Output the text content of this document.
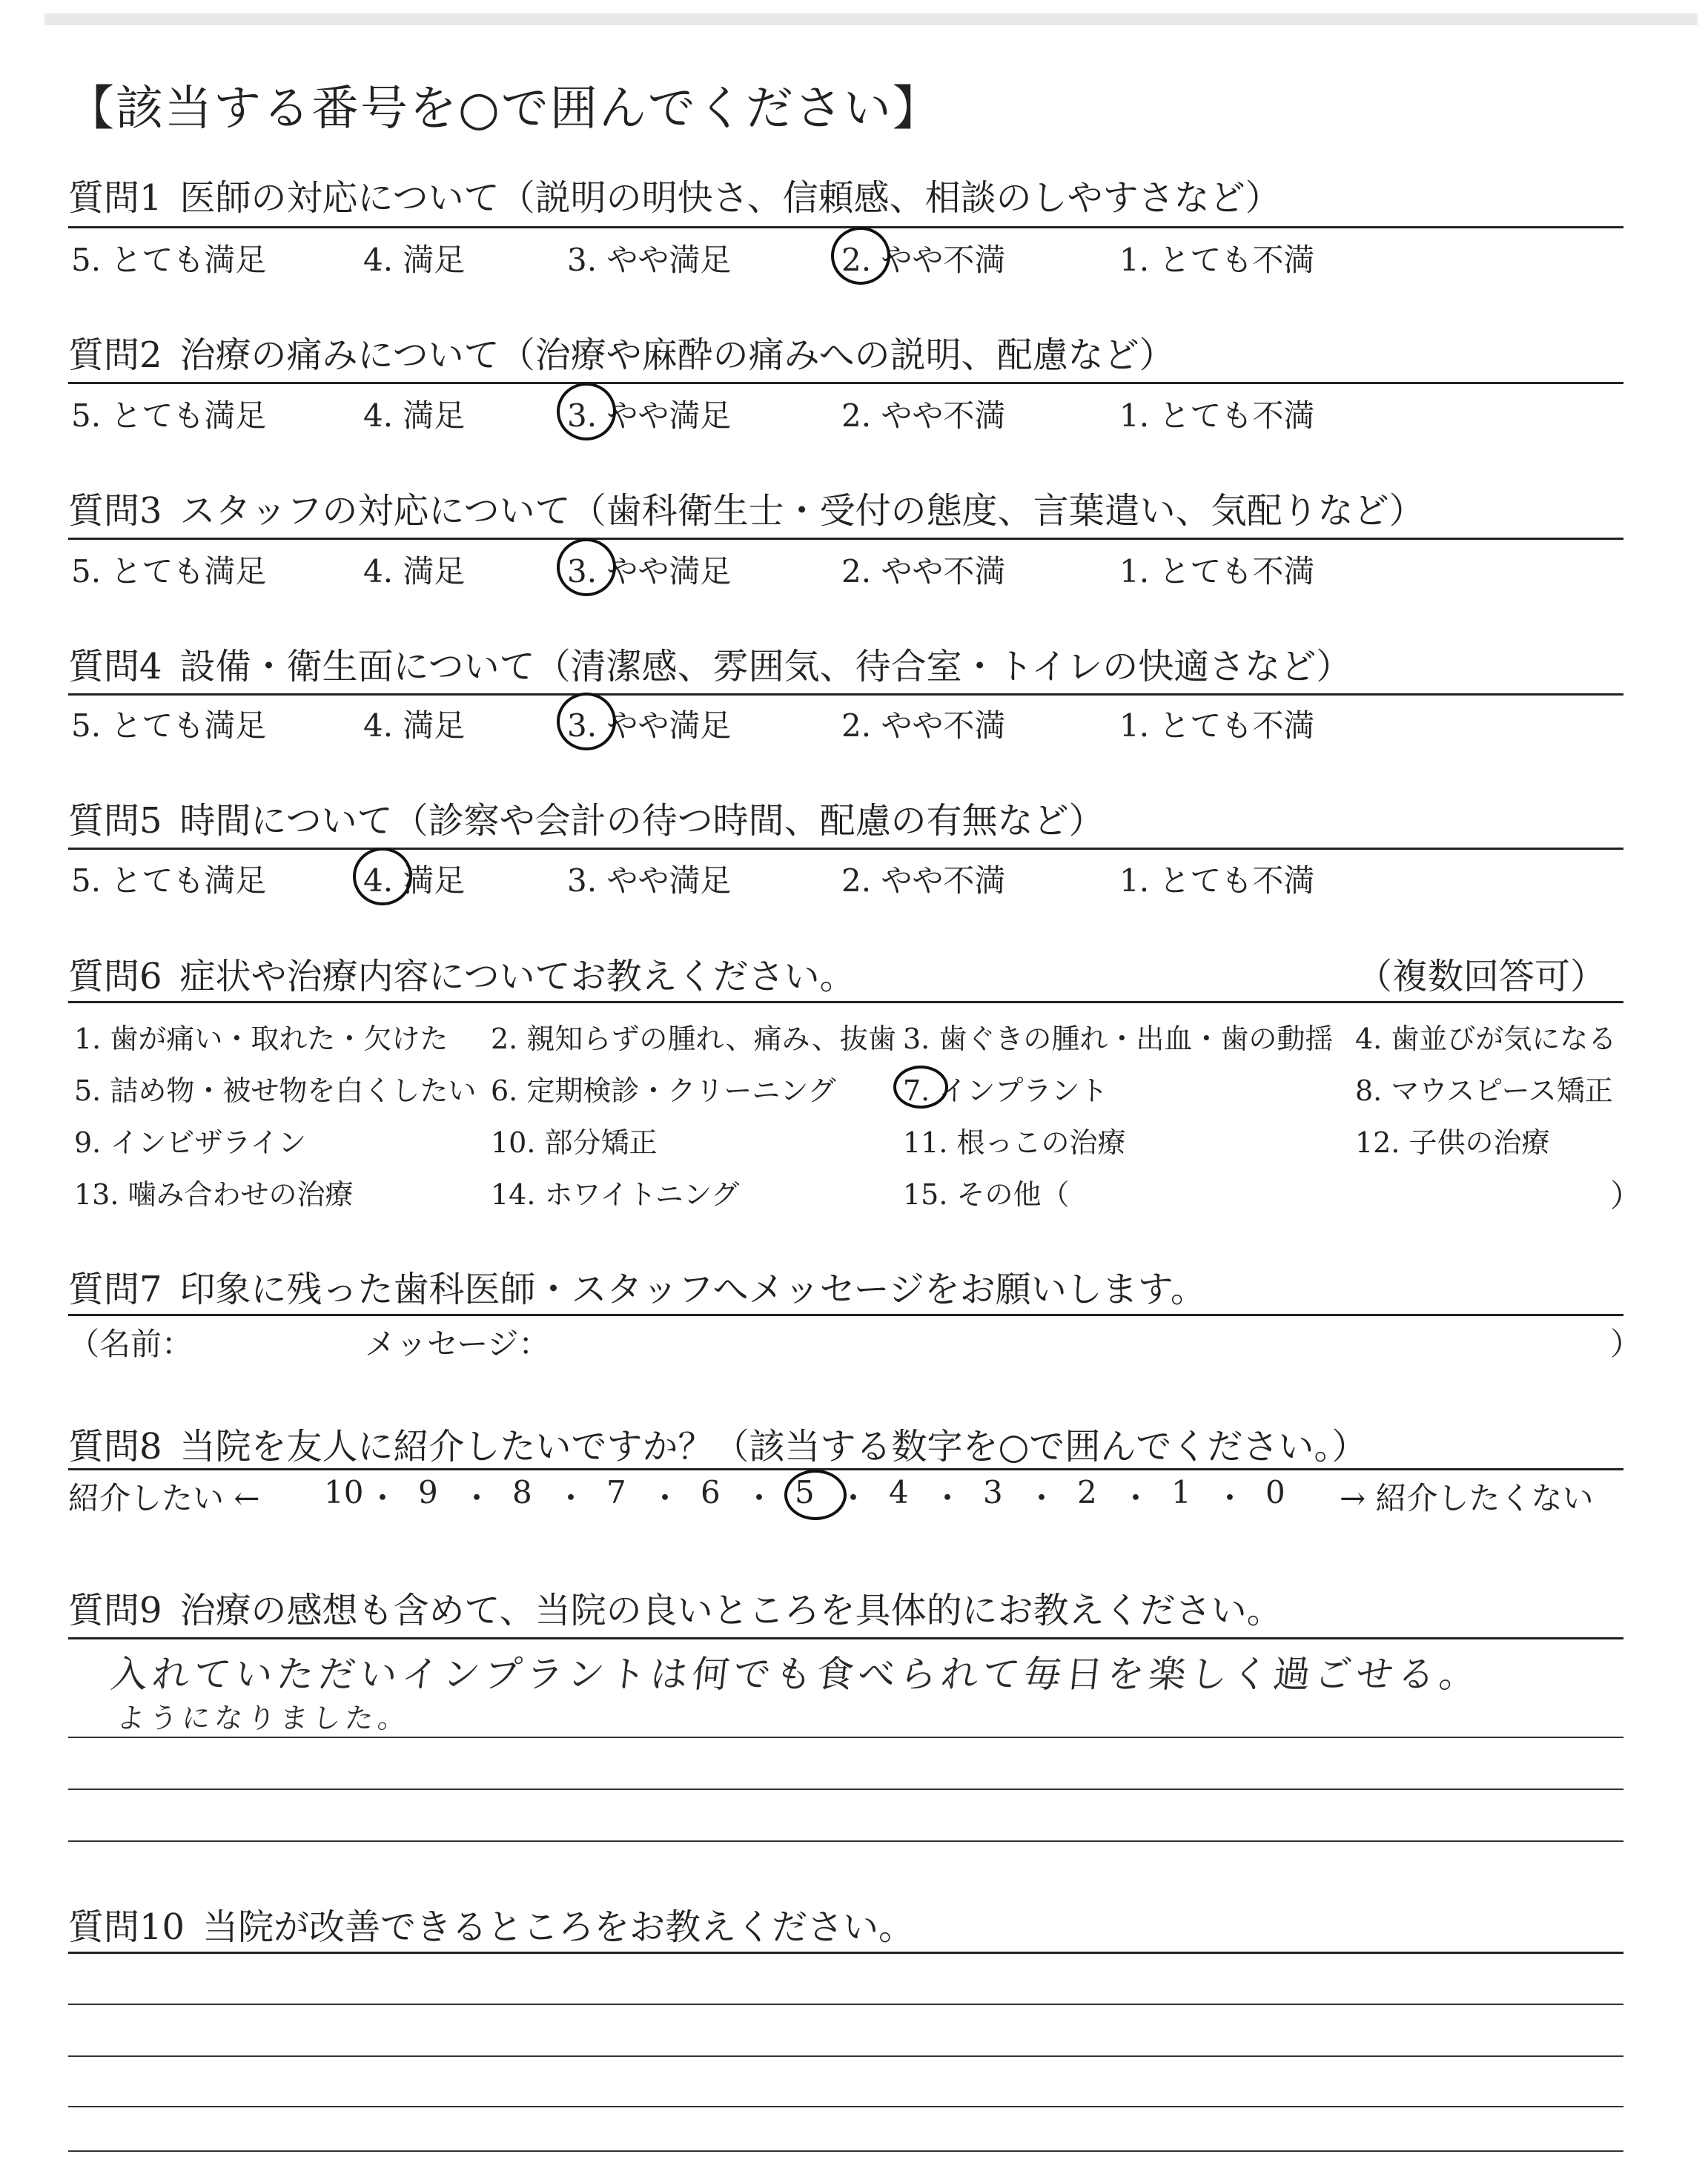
【該当する番号を○で囲んでください】
質問1 医師の対応について（説明の明快さ、信頼感、相談のしやすさなど）
質問2 治療の痛みについて（治療や麻酔の痛みへの説明、配慮など）
質問3 スタッフの対応について（歯科衛生士・受付の態度、言葉遣い、気配りなど）
質問4 設備・衛生面について（清潔感、雰囲気、待合室・トイレの快適さなど）
質問5 時間について（診察や会計の待つ時間、配慮の有無など）
5. とても満足	4. 満足	3. やや満足	2. やや不満	1. とても不満
5. とても満足	4. 満足	3. やや満足	2. やや不満	1. とても不満
5. とても満足	4. 満足	3. やや満足	2. やや不満	1. とても不満
5. とても満足	4. 満足	3. やや満足	2. やや不満	1. とても不満
5. とても満足	4. 満足	3. やや満足	2. やや不満	1. とても不満
質問6 症状や治療内容についてお教えください。	（複数回答可）
1. 歯が痛い・取れた・欠けた 2. 親知らずの腫れ、痛み、抜歯 3. 歯ぐきの腫れ・出血・歯の動揺 4. 歯並びが気になる
5. 詰め物・被せ物を白くしたい 6. 定期検診・クリーニング 7. インプラント	8. マウスピース矯正
9. インビザライン	10. 部分矯正	11. 根っこの治療	12. 子供の治療
13. 噛み合わせの治療	14. ホワイトニング	15. その他（	）
質問7 印象に残った歯科医師・スタッフへメッセージをお願いします。
（名前：	メッセージ：	）
質問8 当院を友人に紹介したいですか？（該当する数字を○で囲んでください。）
紹介したい ← 10 ・ 9 ・ 8 ・ 7 ・ 6 ・ 5 ・ 4 ・ 3 ・ 2 ・ 1 ・ 0 → 紹介したくない
質問9 治療の感想も含めて、当院の良いところを具体的にお教えください。
入れていただいインプラントは何でも食べられて毎日を楽しく過ごせる。
ようになりました。
質問10 当院が改善できるところをお教えください。
